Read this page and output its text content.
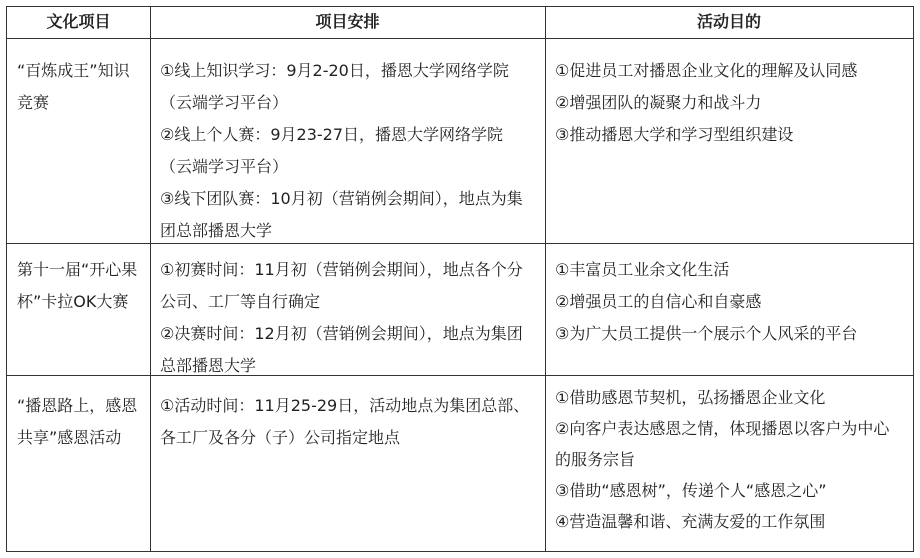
文化项目	项目安排	活动目的

“百炼成王”知识竞赛

①线上知识学习：9月2-20日，播恩大学网络学院（云端学习平台）

②线上个人赛：9月23-27日，播恩大学网络学院（云端学习平台）

③线下团队赛：10月初（营销例会期间），地点为集团总部播恩大学

①促进员工对播恩企业文化的理解及认同感

②增强团队的凝聚力和战斗力

③推动播恩大学和学习型组织建设

第十一届“开心果杯”卡拉OK大赛

①初赛时间：11月初（营销例会期间），地点各个分公司、工厂等自行确定

②决赛时间：12月初（营销例会期间），地点为集团总部播恩大学

①丰富员工业余文化生活

②增强员工的自信心和自豪感

③为广大员工提供一个展示个人风采的平台

“播恩路上，感恩共享”感恩活动

①活动时间：11月25-29日，活动地点为集团总部、各工厂及各分（子）公司指定地点

①借助感恩节契机，弘扬播恩企业文化

②向客户表达感恩之情，体现播恩以客户为中心的服务宗旨

③借助“感恩树”，传递个人“感恩之心”

④营造温馨和谐、充满友爱的工作氛围
